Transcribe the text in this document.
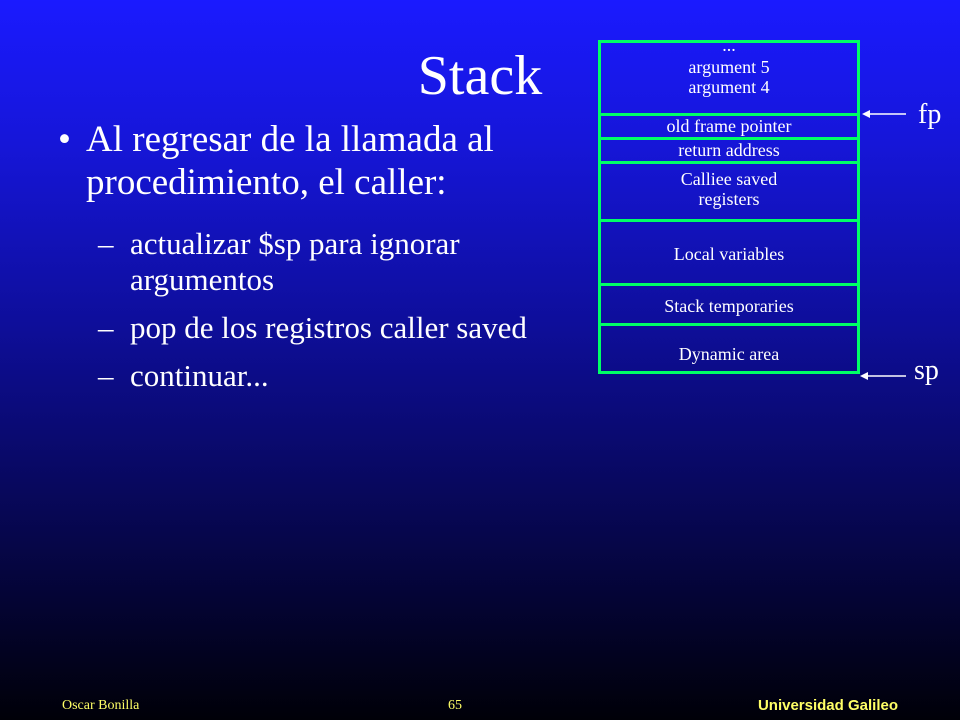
Stack
• Al regresar de la llamada al procedimiento, el caller:
– actualizar $sp para ignorar argumentos
– pop de los registros caller saved
– continuar...
...
argument 5
argument 4
old frame pointer
return address
Calliee saved
registers
Local variables
Stack temporaries
Dynamic area
fp
sp
Oscar Bonilla	65	Universidad Galileo
